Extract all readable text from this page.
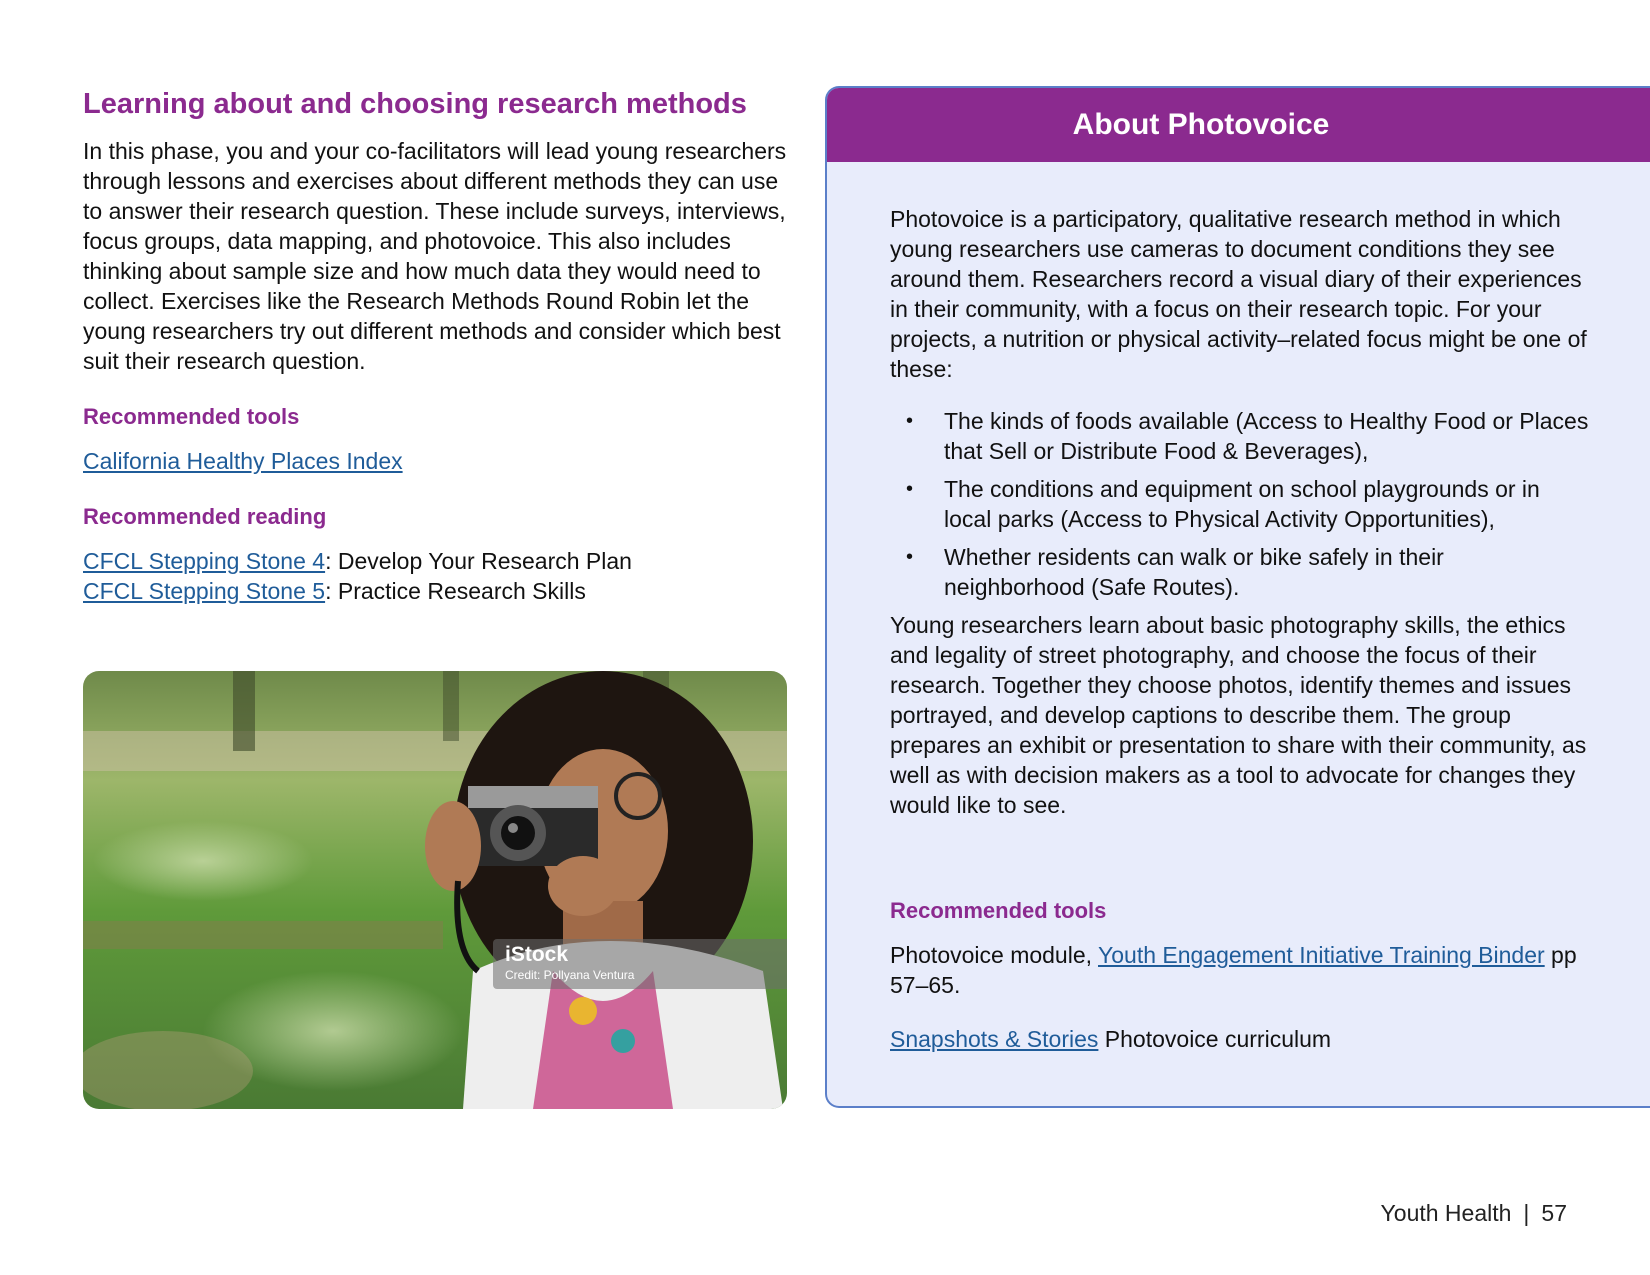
Learning about and choosing research methods

In this phase, you and your co-facilitators will lead young researchers through lessons and exercises about different methods they can use to answer their research question. These include surveys, interviews, focus groups, data mapping, and photovoice. This also includes thinking about sample size and how much data they would need to collect. Exercises like the Research Methods Round Robin let the young researchers try out different methods and consider which best suit their research question.

Recommended tools

California Healthy Places Index

Recommended reading

CFCL Stepping Stone 4: Develop Your Research Plan

CFCL Stepping Stone 5: Practice Research Skills

iStock
Credit: Pollyana Ventura
About Photovoice

Photovoice is a participatory, qualitative research method in which young researchers use cameras to document conditions they see around them. Researchers record a visual diary of their experiences in their community, with a focus on their research topic. For your projects, a nutrition or physical activity–related focus might be one of these:

• The kinds of foods available (Access to Healthy Food or Places that Sell or Distribute Food & Beverages),
• The conditions and equipment on school playgrounds or in local parks (Access to Physical Activity Opportunities),
• Whether residents can walk or bike safely in their neighborhood (Safe Routes).

Young researchers learn about basic photography skills, the ethics and legality of street photography, and choose the focus of their research. Together they choose photos, identify themes and issues portrayed, and develop captions to describe them. The group prepares an exhibit or presentation to share with their community, as well as with decision makers as a tool to advocate for changes they would like to see.

Recommended tools

Photovoice module, Youth Engagement Initiative Training Binder pp 57–65.

Snapshots & Stories Photovoice curriculum

Youth Health | 57
